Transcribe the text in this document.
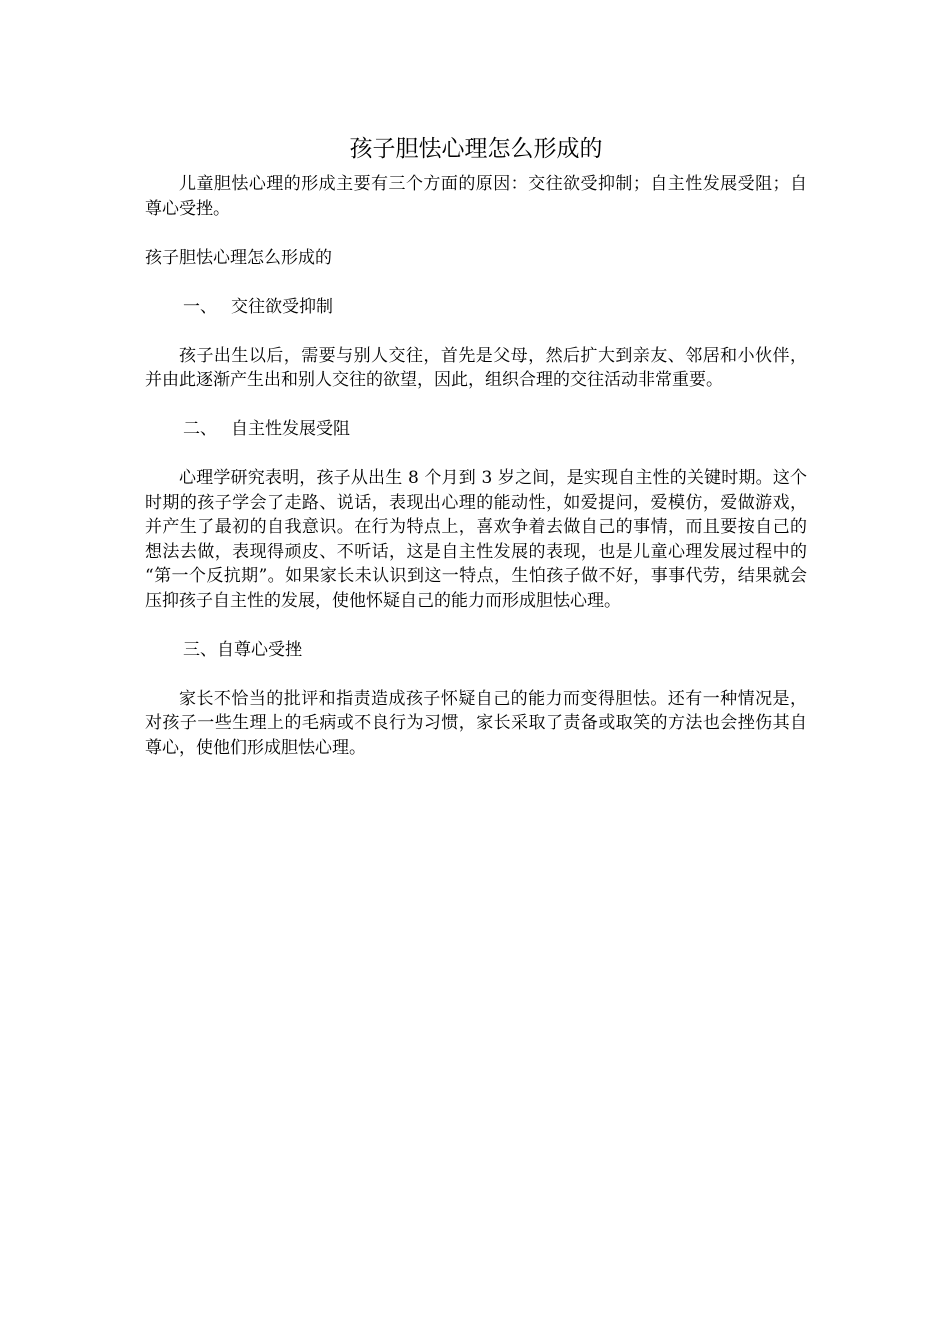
孩子胆怯心理怎么形成的

儿童胆怯心理的形成主要有三个方面的原因：交往欲受抑制；自主性发展受阻；自尊心受挫。

孩子胆怯心理怎么形成的

一、 交往欲受抑制

孩子出生以后，需要与别人交往，首先是父母，然后扩大到亲友、邻居和小伙伴，并由此逐渐产生出和别人交往的欲望，因此，组织合理的交往活动非常重要。

二、 自主性发展受阻

心理学研究表明，孩子从出生 8 个月到 3 岁之间，是实现自主性的关键时期。这个时期的孩子学会了走路、说话，表现出心理的能动性，如爱提问，爱模仿，爱做游戏，并产生了最初的自我意识。在行为特点上，喜欢争着去做自己的事情，而且要按自己的想法去做，表现得顽皮、不听话，这是自主性发展的表现，也是儿童心理发展过程中的 “第一个反抗期”。如果家长未认识到这一特点，生怕孩子做不好，事事代劳，结果就会压抑孩子自主性的发展，使他怀疑自己的能力而形成胆怯心理。

三、自尊心受挫

家长不恰当的批评和指责造成孩子怀疑自己的能力而变得胆怯。还有一种情况是，对孩子一些生理上的毛病或不良行为习惯，家长采取了责备或取笑的方法也会挫伤其自尊心，使他们形成胆怯心理。
